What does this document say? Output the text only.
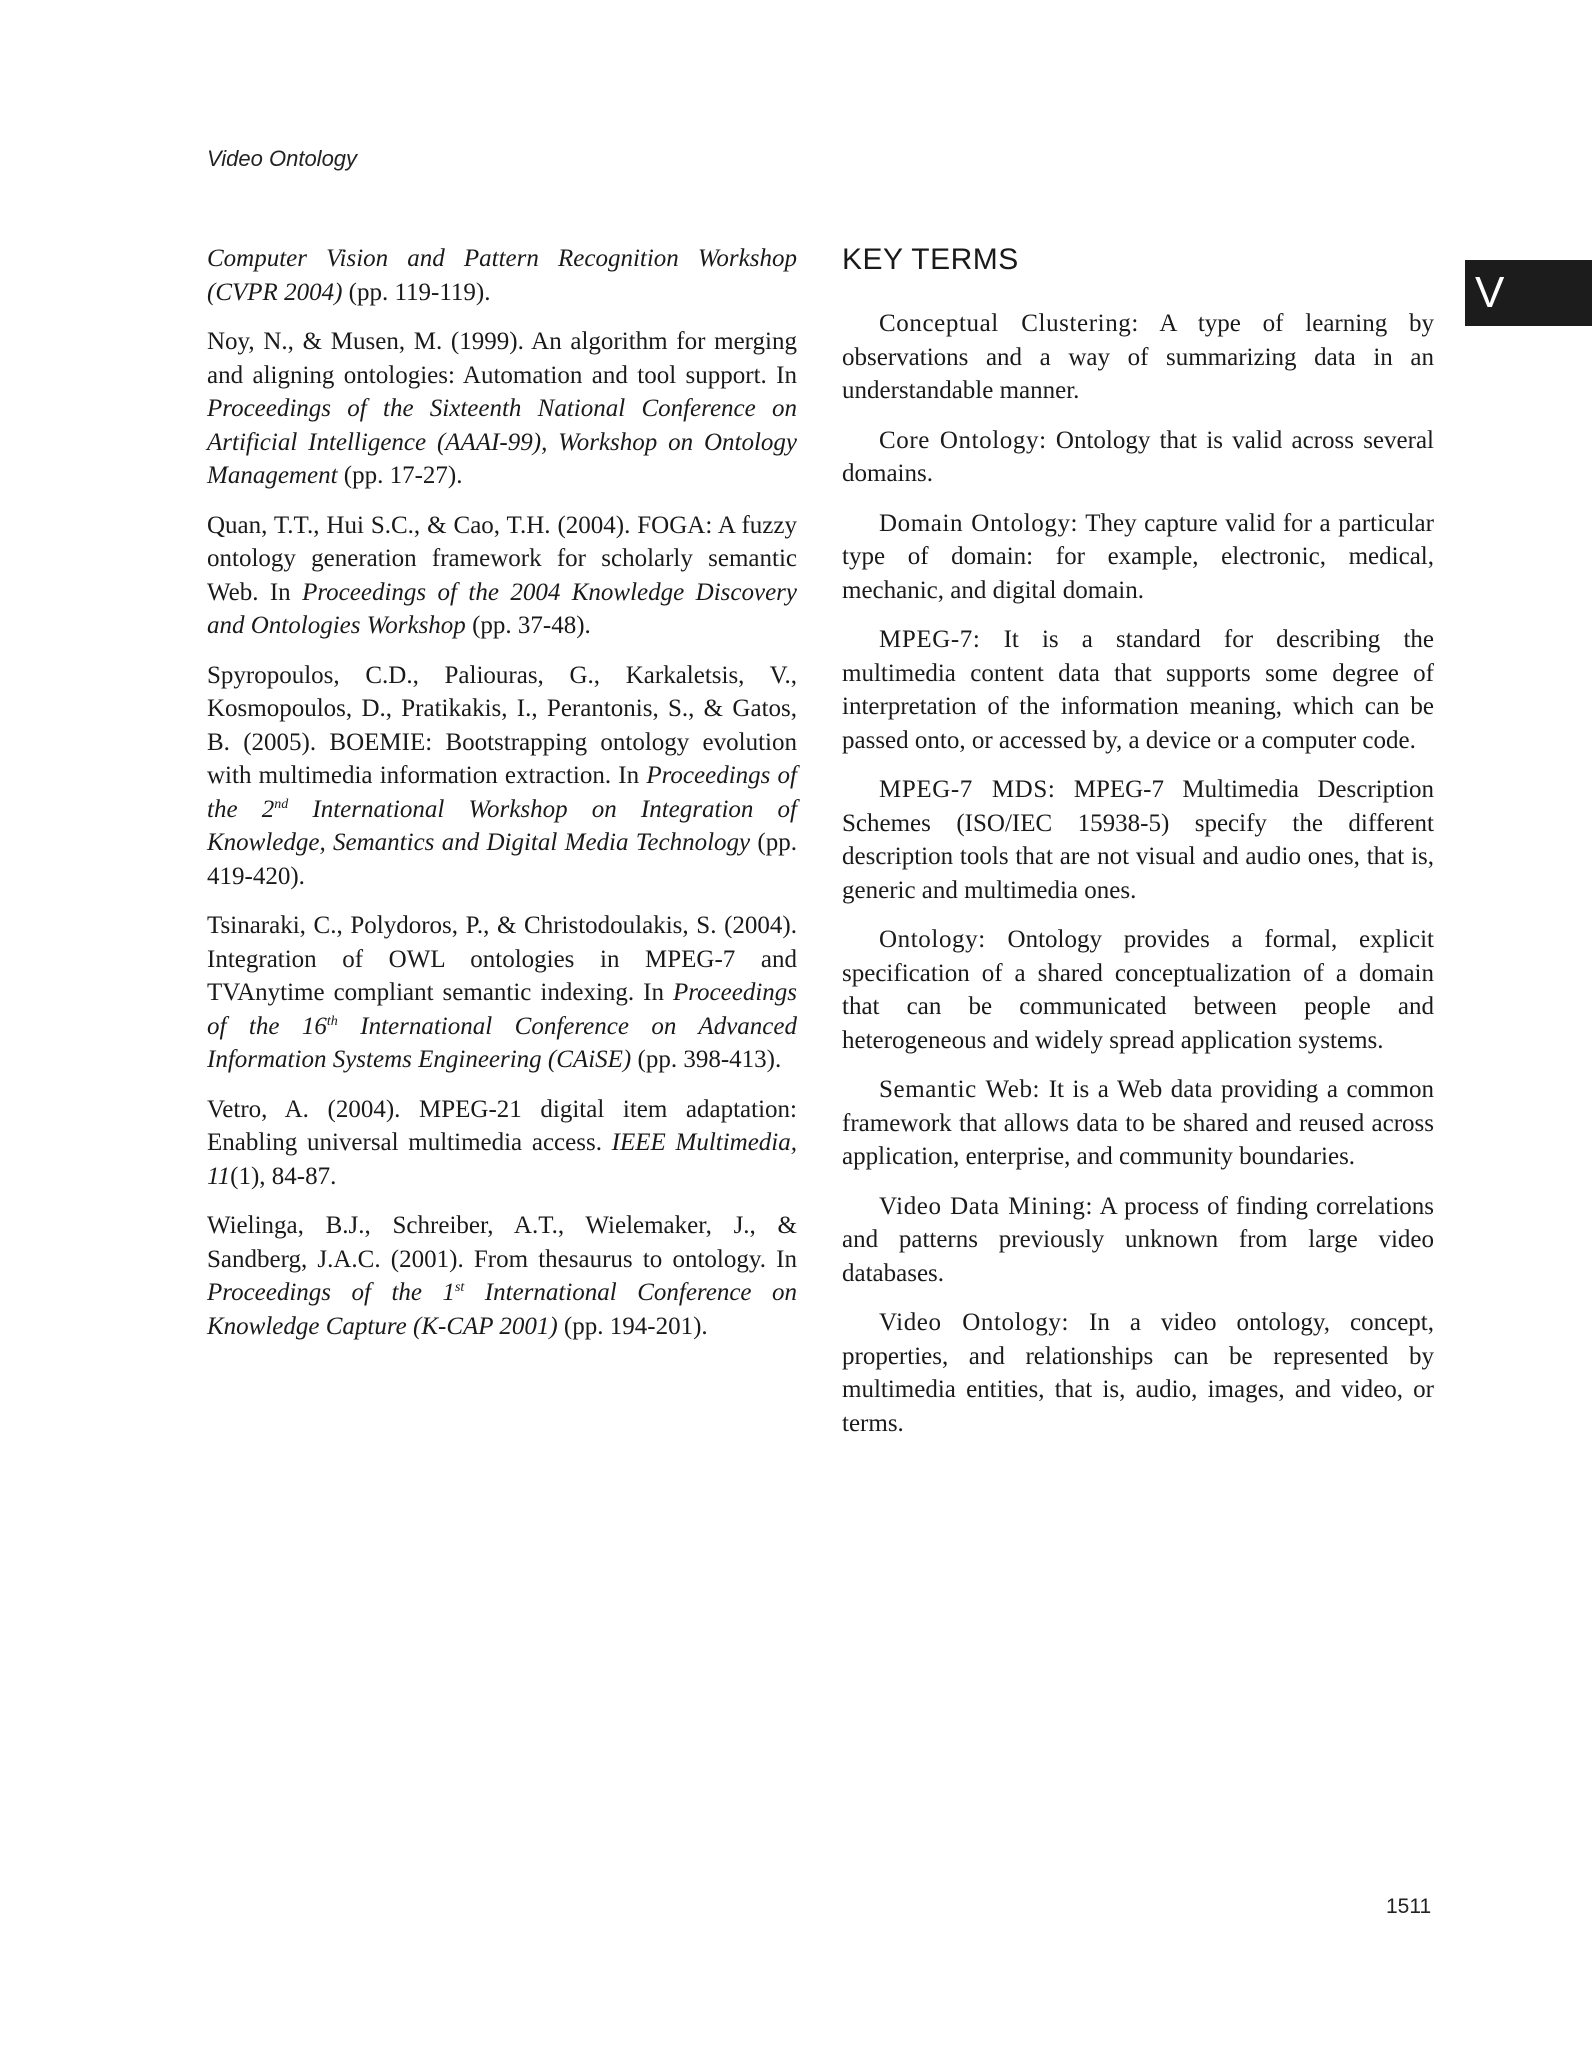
Video Ontology
V

Computer Vision and Pattern Recognition Workshop (CVPR 2004) (pp. 119-119).

Noy, N., & Musen, M. (1999). An algorithm for merging and aligning ontologies: Automation and tool support. In Proceedings of the Sixteenth National Conference on Artificial Intelligence (AAAI-99), Workshop on Ontology Management (pp. 17-27).

Quan, T.T., Hui S.C., & Cao, T.H. (2004). FOGA: A fuzzy ontology generation framework for scholarly semantic Web. In Proceedings of the 2004 Knowledge Discovery and Ontologies Workshop (pp. 37-48).

Spyropoulos, C.D., Paliouras, G., Karkaletsis, V., Kosmopoulos, D., Pratikakis, I., Perantonis, S., & Gatos, B. (2005). BOEMIE: Bootstrapping ontology evolution with multimedia information extraction. In Proceedings of the 2nd International Workshop on Integration of Knowledge, Semantics and Digital Media Technology (pp. 419-420).

Tsinaraki, C., Polydoros, P., & Christodoulakis, S. (2004). Integration of OWL ontologies in MPEG-7 and TVAnytime compliant semantic indexing. In Proceedings of the 16th International Conference on Advanced Information Systems Engineering (CAiSE) (pp. 398-413).

Vetro, A. (2004). MPEG-21 digital item adaptation: Enabling universal multimedia access. IEEE Multimedia, 11(1), 84-87.

Wielinga, B.J., Schreiber, A.T., Wielemaker, J., & Sandberg, J.A.C. (2001). From thesaurus to ontology. In Proceedings of the 1st International Conference on Knowledge Capture (K-CAP 2001) (pp. 194-201).

KEY TERMS

Conceptual Clustering: A type of learning by observations and a way of summarizing data in an understandable manner.

Core Ontology: Ontology that is valid across several domains.

Domain Ontology: They capture valid for a particular type of domain: for example, electronic, medical, mechanic, and digital domain.

MPEG-7: It is a standard for describing the multimedia content data that supports some degree of interpretation of the information meaning, which can be passed onto, or accessed by, a device or a computer code.

MPEG-7 MDS: MPEG-7 Multimedia Description Schemes (ISO/IEC 15938-5) specify the different description tools that are not visual and audio ones, that is, generic and multimedia ones.

Ontology: Ontology provides a formal, explicit specification of a shared conceptualization of a domain that can be communicated between people and heterogeneous and widely spread application systems.

Semantic Web: It is a Web data providing a common framework that allows data to be shared and reused across application, enterprise, and community boundaries.

Video Data Mining: A process of finding correlations and patterns previously unknown from large video databases.

Video Ontology: In a video ontology, concept, properties, and relationships can be represented by multimedia entities, that is, audio, images, and video, or terms.

1511
